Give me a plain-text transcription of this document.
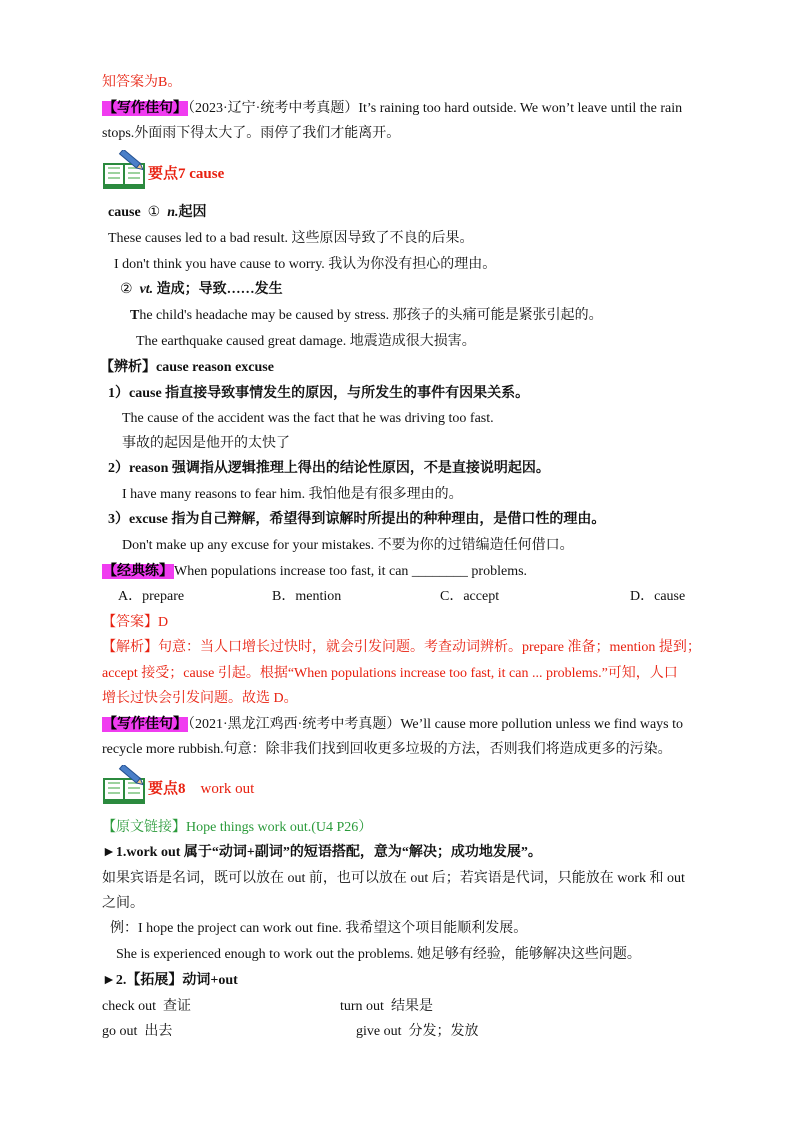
知答案为B。
【写作佳句】（2023·辽宁·统考中考真题）It’s raining too hard outside. We won’t leave until the rain
stops.外面雨下得太大了。雨停了我们才能离开。
要点7 cause
cause ① n.起因
These causes led to a bad result. 这些原因导致了不良的后果。
I don't think you have cause to worry. 我认为你没有担心的理由。
② vt. 造成；导致……发生
The child's headache may be caused by stress. 那孩子的头痛可能是紧张引起的。
The earthquake caused great damage. 地震造成很大损害。
【辨析】cause reason excuse
1）cause 指直接导致事情发生的原因，与所发生的事件有因果关系。
The cause of the accident was the fact that he was driving too fast.
事故的起因是他开的太快了
2）reason 强调指从逻辑推理上得出的结论性原因，不是直接说明起因。
I have many reasons to fear him. 我怕他是有很多理由的。
3）excuse 指为自己辩解，希望得到谅解时所提出的种种理由，是借口性的理由。
Don't make up any excuse for your mistakes. 不要为你的过错编造任何借口。
【经典练】When populations increase too fast, it can ________ problems.
A．prepare	B．mention	C．accept	D．cause
【答案】D
【解析】句意：当人口增长过快时，就会引发问题。考查动词辨析。prepare 准备；mention 提到；
accept 接受；cause 引起。根据“When populations increase too fast, it can ... problems.”可知，人口
增长过快会引发问题。故选 D。
【写作佳句】（2021·黑龙江鸡西·统考中考真题）We’ll cause more pollution unless we find ways to
recycle more rubbish.句意：除非我们找到回收更多垃圾的方法，否则我们将造成更多的污染。
要点8 work out
【原文链接】Hope things work out.(U4 P26）
►1.work out 属于“动词+副词”的短语搭配，意为“解决；成功地发展”。
如果宾语是名词，既可以放在 out 前，也可以放在 out 后；若宾语是代词，只能放在 work 和 out
之间。
例：I hope the project can work out fine. 我希望这个项目能顺利发展。
She is experienced enough to work out the problems. 她足够有经验，能够解决这些问题。
►2.【拓展】动词+out
check out 查证	turn out 结果是
go out 出去	give out 分发；发放
